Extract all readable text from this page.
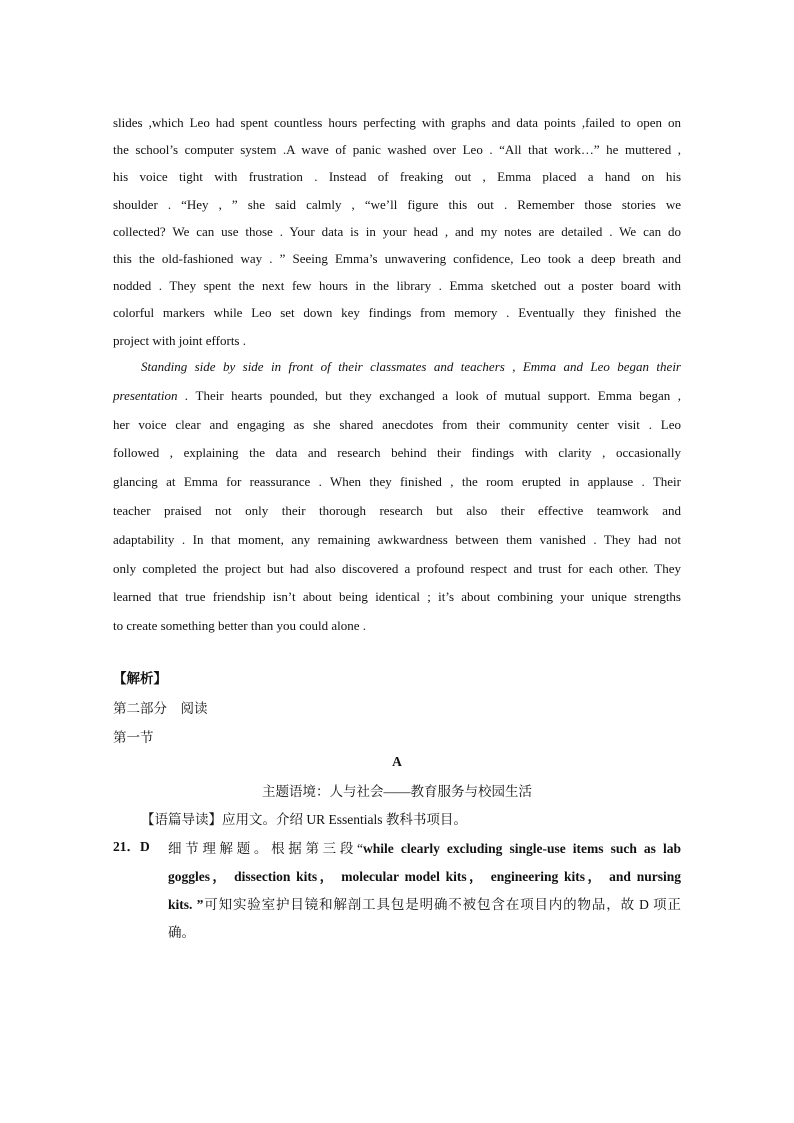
slides ,which Leo had spent countless hours perfecting with graphs and data points ,failed to open on
the school’s computer system .A wave of panic washed over Leo . “All that work…” he muttered ,
his voice tight with frustration . Instead of freaking out , Emma placed a hand on his
shoulder . “Hey , ” she said calmly , “we’ll figure this out . Remember those stories we
collected? We can use those . Your data is in your head , and my notes are detailed . We can do
this the old-fashioned way . ” Seeing Emma’s unwavering confidence, Leo took a deep breath and
nodded . They spent the next few hours in the library . Emma sketched out a poster board with
colorful markers while Leo set down key findings from memory . Eventually they finished the
project with joint efforts .
Standing side by side in front of their classmates and teachers , Emma and Leo began their
presentation . Their hearts pounded, but they exchanged a look of mutual support. Emma began ,
her voice clear and engaging as she shared anecdotes from their community center visit . Leo
followed , explaining the data and research behind their findings with clarity , occasionally
glancing at Emma for reassurance . When they finished , the room erupted in applause . Their
teacher praised not only their thorough research but also their effective teamwork and
adaptability . In that moment, any remaining awkwardness between them vanished . They had not
only completed the project but had also discovered a profound respect and trust for each other. They
learned that true friendship isn’t about being identical ; it’s about combining your unique strengths
to create something better than you could alone .
【解析】
第二部分　阅读
第一节
A
主题语境：人与社会——教育服务与校园生活
【语篇导读】应用文。介绍 UR Essentials 教科书项目。
21．D 细节理解题。根据第三段“while clearly excluding single-use items such as lab
goggles， dissection kits， molecular model kits， engineering kits， and nursing
kits. ”可知实验室护目镜和解剖工具包是明确不被包含在项目内的物品，故 D 项正
确。
